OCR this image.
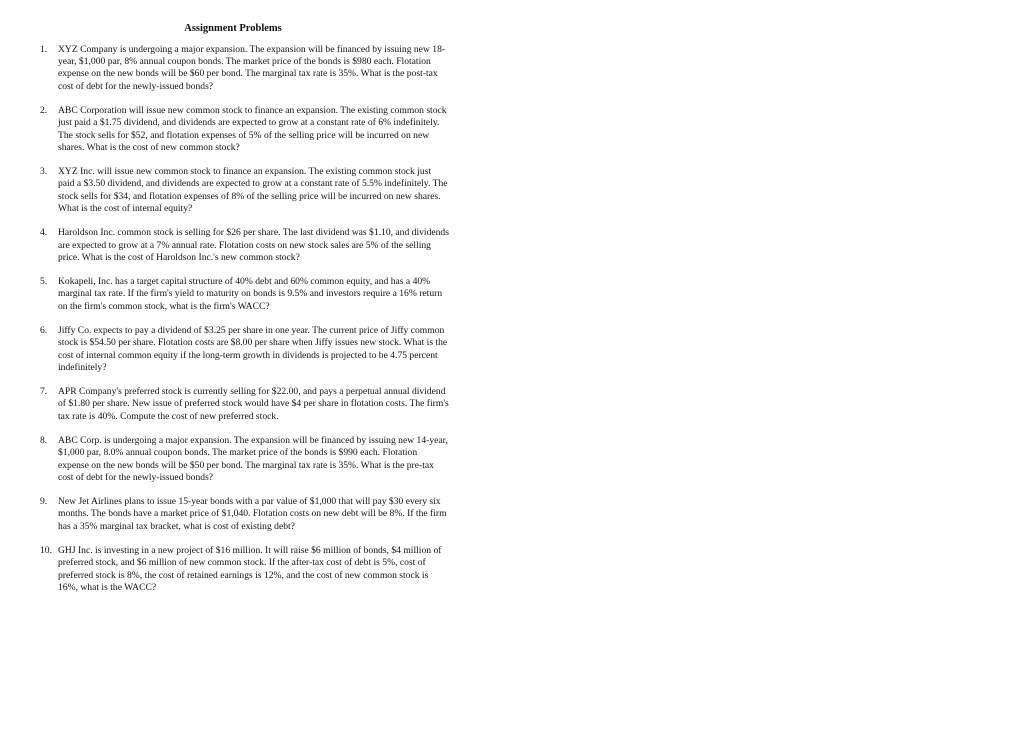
Assignment Problems
1.	XYZ Company is undergoing a major expansion. The expansion will be financed by issuing new 18-year, $1,000 par, 8% annual coupon bonds. The market price of the bonds is $980 each. Flotation expense on the new bonds will be $60 per bond. The marginal tax rate is 35%. What is the post-tax cost of debt for the newly-issued bonds?
2.	ABC Corporation will issue new common stock to finance an expansion. The existing common stock just paid a $1.75 dividend, and dividends are expected to grow at a constant rate of 6% indefinitely. The stock sells for $52, and flotation expenses of 5% of the selling price will be incurred on new shares. What is the cost of new common stock?
3.	XYZ Inc. will issue new common stock to finance an expansion. The existing common stock just paid a $3.50 dividend, and dividends are expected to grow at a constant rate of 5.5% indefinitely. The stock sells for $34, and flotation expenses of 8% of the selling price will be incurred on new shares. What is the cost of internal equity?
4.	Haroldson Inc. common stock is selling for $26 per share. The last dividend was $1.10, and dividends are expected to grow at a 7% annual rate. Flotation costs on new stock sales are 5% of the selling price. What is the cost of Haroldson Inc.'s new common stock?
5.	Kokapeli, Inc. has a target capital structure of 40% debt and 60% common equity, and has a 40% marginal tax rate. If the firm's yield to maturity on bonds is 9.5% and investors require a 16% return on the firm's common stock, what is the firm's WACC?
6.	Jiffy Co. expects to pay a dividend of $3.25 per share in one year. The current price of Jiffy common stock is $54.50 per share. Flotation costs are $8.00 per share when Jiffy issues new stock. What is the cost of internal common equity if the long-term growth in dividends is projected to be 4.75 percent indefinitely?
7.	APR Company's preferred stock is currently selling for $22.00, and pays a perpetual annual dividend of $1.80 per share. New issue of preferred stock would have $4 per share in flotation costs. The firm's tax rate is 40%. Compute the cost of new preferred stock.
8.	ABC Corp. is undergoing a major expansion. The expansion will be financed by issuing new 14-year, $1,000 par, 8.0% annual coupon bonds. The market price of the bonds is $990 each. Flotation expense on the new bonds will be $50 per bond. The marginal tax rate is 35%. What is the pre-tax cost of debt for the newly-issued bonds?
9.	New Jet Airlines plans to issue 15-year bonds with a par value of $1,000 that will pay $30 every six months. The bonds have a market price of $1,040. Flotation costs on new debt will be 8%. If the firm has a 35% marginal tax bracket, what is cost of existing debt?
10. GHJ Inc. is investing in a new project of $16 million. It will raise $6 million of bonds, $4 million of preferred stock, and $6 million of new common stock. If the after-tax cost of debt is 5%, cost of preferred stock is 8%, the cost of retained earnings is 12%, and the cost of new common stock is 16%, what is the WACC?
